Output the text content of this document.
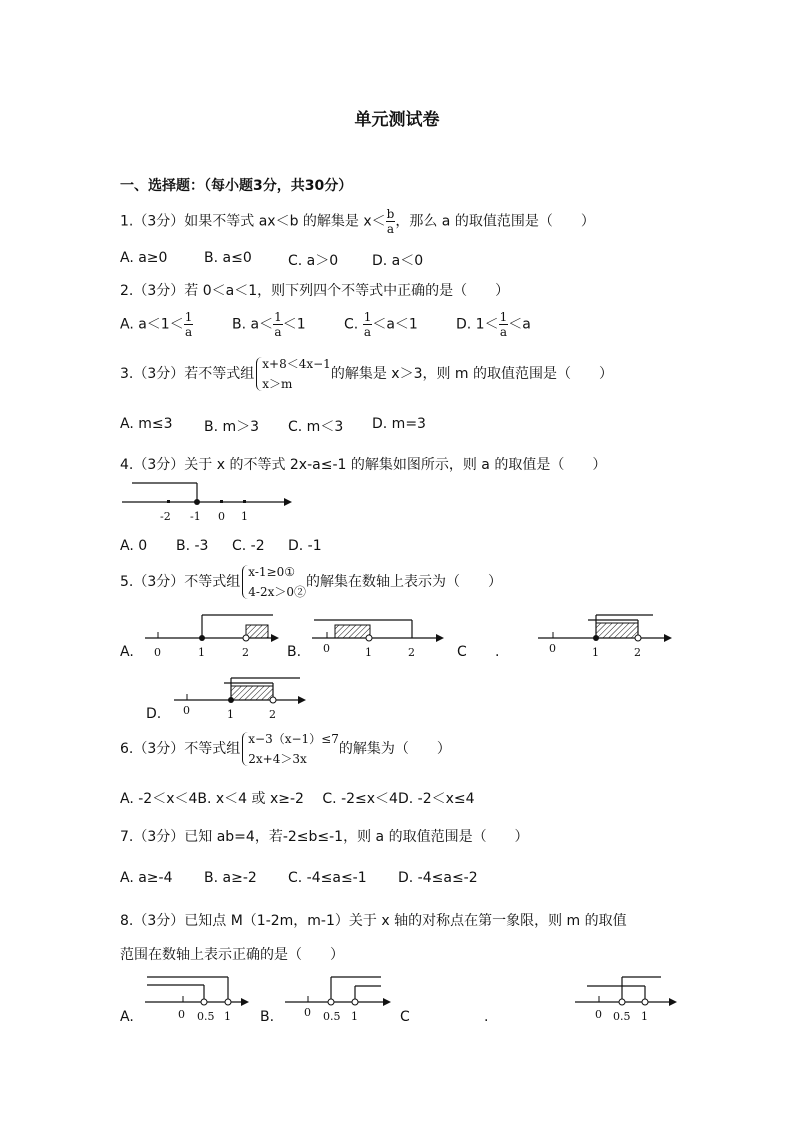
单元测试卷
一、选择题：（每小题3分，共30分）
1.（3分）如果不等式 ax＜b 的解集是 $x< \frac{b}{a}$ ，那么 a 的取值范围是（　　）
A. a≥0	B. a≤0	C. a＞0 D. a＜0
2.（3分）若 0＜a＜1，则下列四个不等式中正确的是（　　）
A. $a<1< \frac{1}{a}$	B. $a< \frac{1}{a} <1$	C. $\frac{1}{a} <a<1$	D. $1< \frac{1}{a} <a$
3.（3分）若不等式组
x+8＜4x−1
x＞m
的解集是 x＞3，则 m 的取值范围是（　　）
A. m≤3 B. m＞3 C. m＜3 D. m=3
4.（3分）关于 x 的不等式 2x-a≤-1 的解集如图所示，则 a 的取值是（　　）
-2 -1 0 1
A. 0 B. -3 C. -2 D. -1
5.（3分）不等式组
x-1≥0①
4-2x＞0②
的解集在数轴上表示为（　　）
A. 0	1	2	B. 0	1	2	C .	0	1	2
D. 0	1	2
6.（3分）不等式组
x−3（x−1）≤7
2x+4＞3x
的解集为（　　）
A. -2＜x＜4B. x＜4 或 x≥-2　 C. -2≤x＜4D. -2＜x≤4
7.（3分）已知 ab=4，若-2≤b≤-1，则 a 的取值范围是（　　）
A. a≥-4 B. a≥-2 C. -4≤a≤-1 D. -4≤a≤-2
8.（3分）已知点 M（1-2m，m-1）关于 x 轴的对称点在第一象限，则 m 的取值
范围在数轴上表示正确的是（　　）
A.	0 0.5 1 B.	0 0.5 1	C	.	0 0.5 1
